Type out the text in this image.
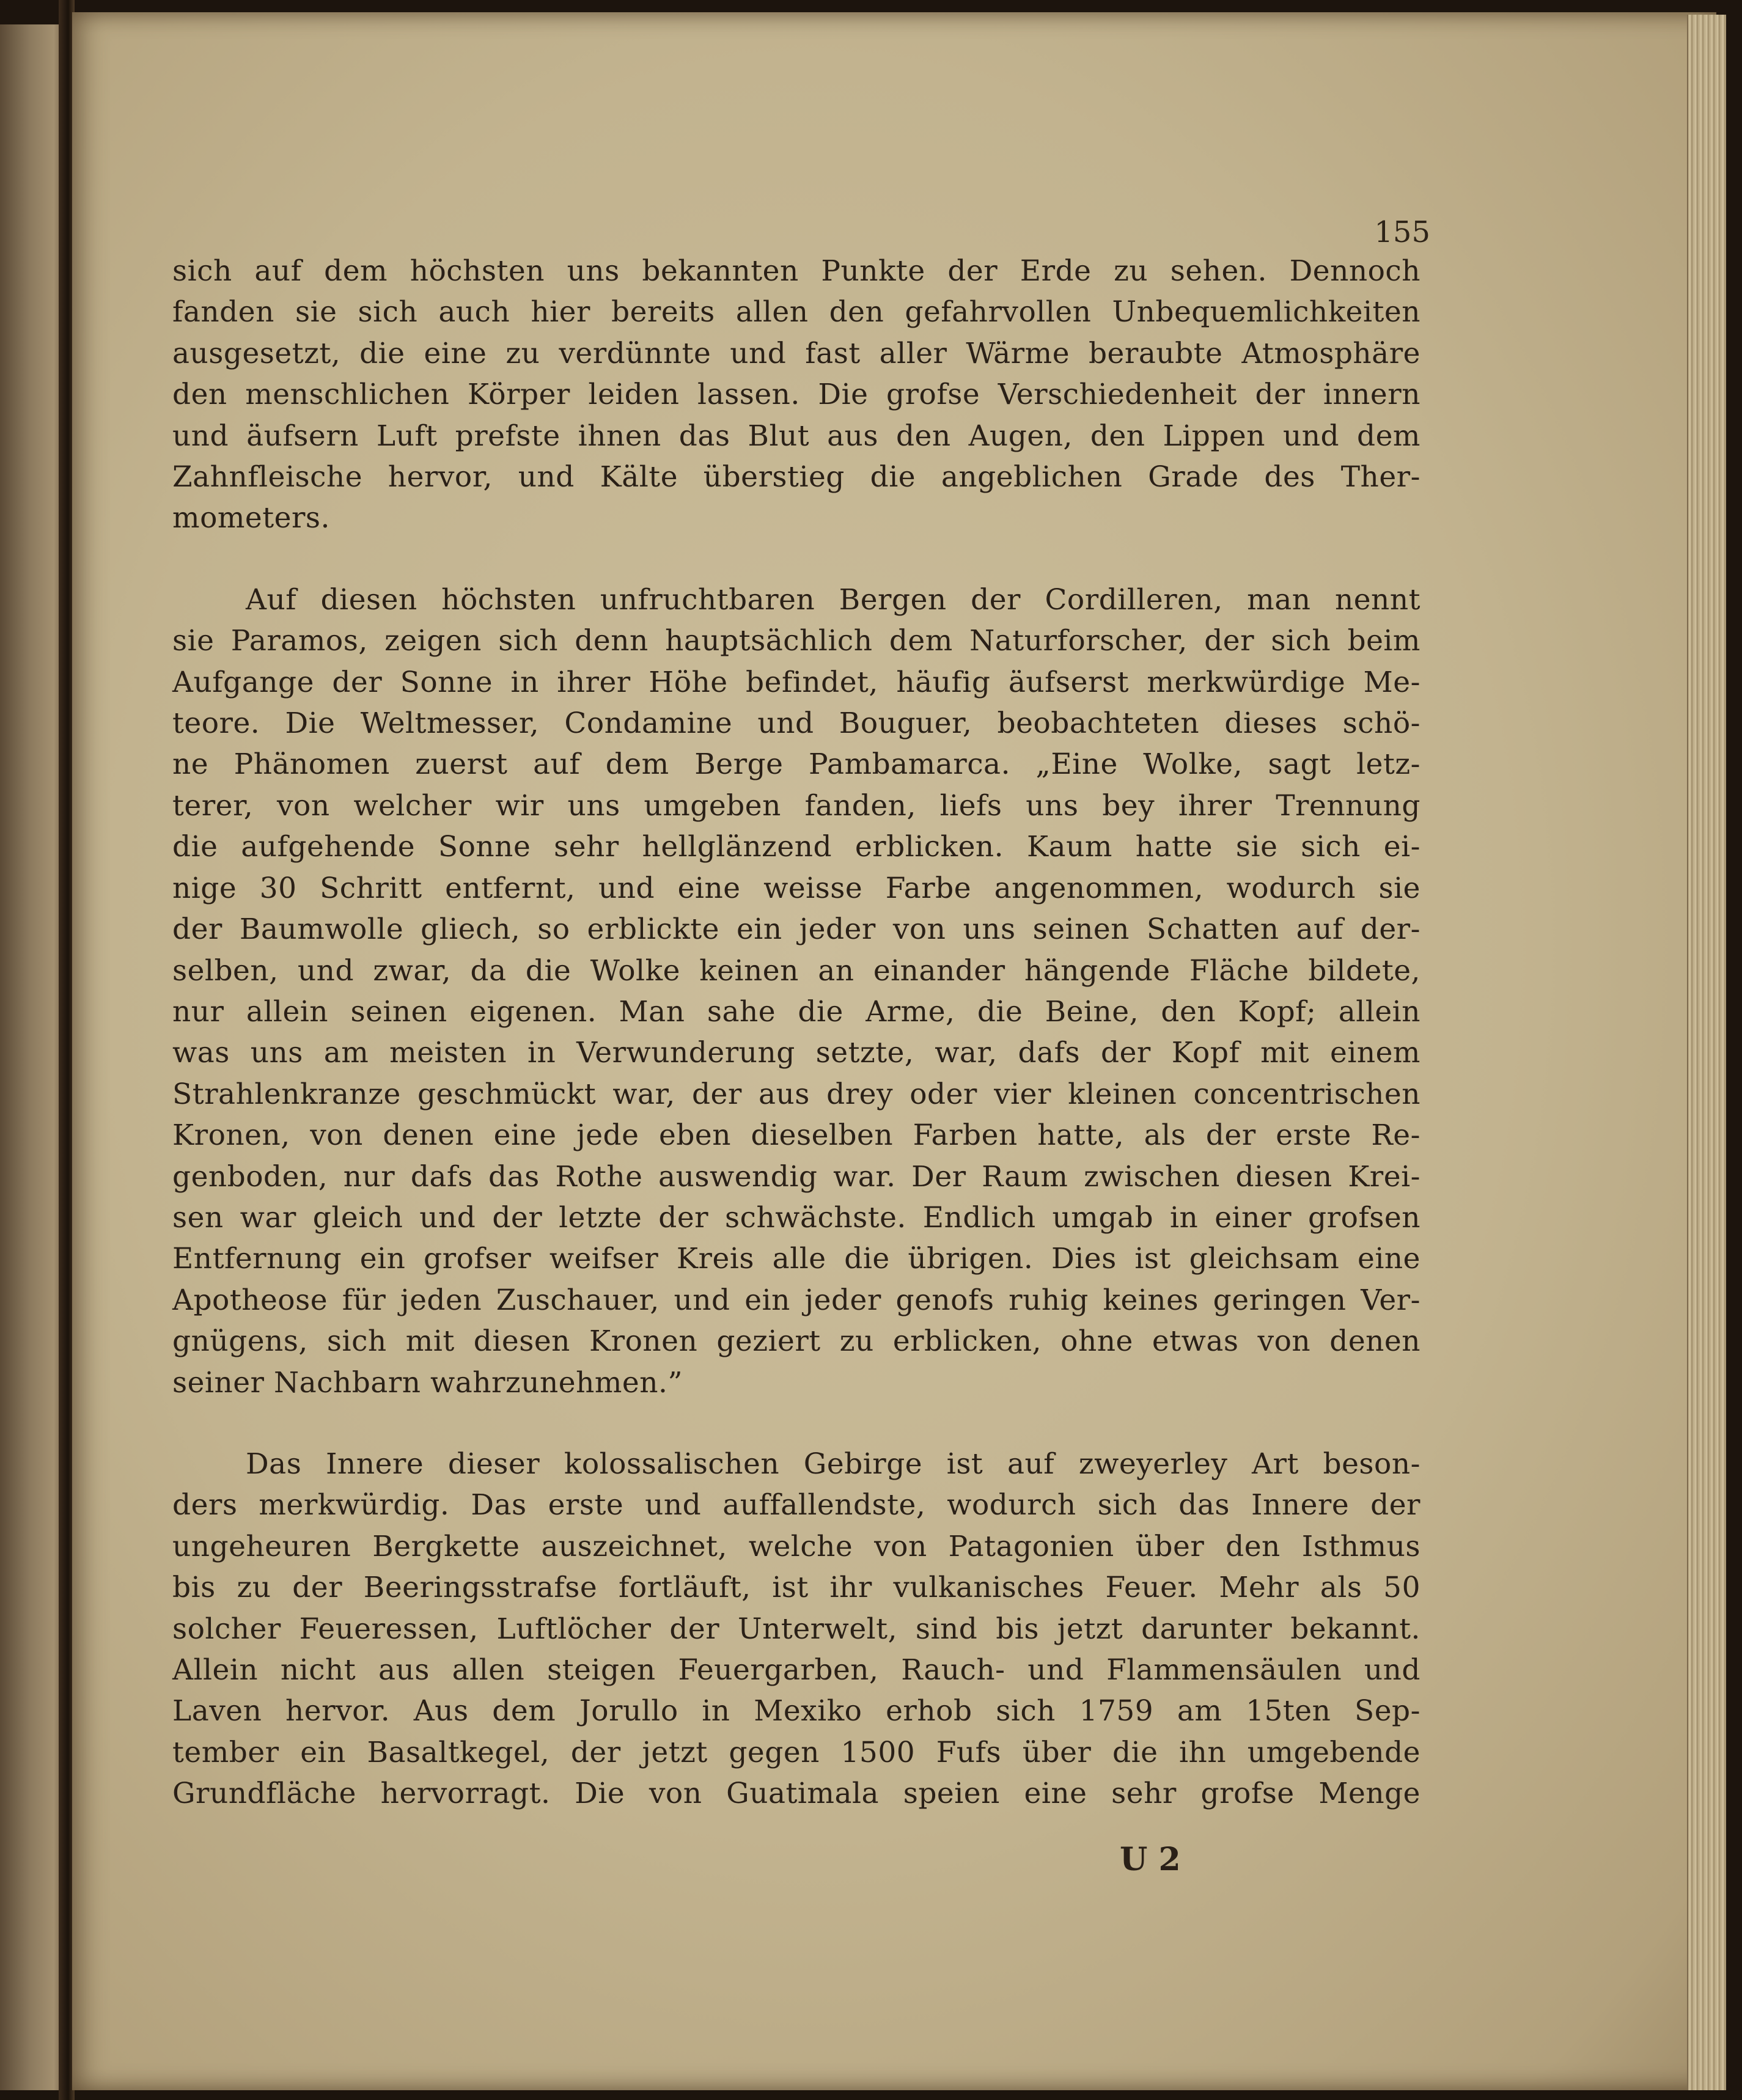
155
sich auf dem höchsten uns bekannten Punkte der Erde zu sehen. Dennoch
fanden sie sich auch hier bereits allen den gefahrvollen Unbequemlichkeiten
ausgesetzt, die eine zu verdünnte und fast aller Wärme beraubte Atmosphäre
den menschlichen Körper leiden lassen. Die grofse Verschiedenheit der innern
und äufsern Luft prefste ihnen das Blut aus den Augen, den Lippen und dem
Zahnfleische hervor, und Kälte überstieg die angeblichen Grade des Ther-
mometers.
Auf diesen höchsten unfruchtbaren Bergen der Cordilleren, man nennt
sie Paramos, zeigen sich denn hauptsächlich dem Naturforscher, der sich beim
Aufgange der Sonne in ihrer Höhe befindet, häufig äufserst merkwürdige Me-
teore. Die Weltmesser, Condamine und Bouguer, beobachteten dieses schö-
ne Phänomen zuerst auf dem Berge Pambamarca. „Eine Wolke, sagt letz-
terer, von welcher wir uns umgeben fanden, liefs uns bey ihrer Trennung
die aufgehende Sonne sehr hellglänzend erblicken. Kaum hatte sie sich ei-
nige 30 Schritt entfernt, und eine weisse Farbe angenommen, wodurch sie
der Baumwolle gliech, so erblickte ein jeder von uns seinen Schatten auf der-
selben, und zwar, da die Wolke keinen an einander hängende Fläche bildete,
nur allein seinen eigenen. Man sahe die Arme, die Beine, den Kopf; allein
was uns am meisten in Verwunderung setzte, war, dafs der Kopf mit einem
Strahlenkranze geschmückt war, der aus drey oder vier kleinen concentrischen
Kronen, von denen eine jede eben dieselben Farben hatte, als der erste Re-
genboden, nur dafs das Rothe auswendig war. Der Raum zwischen diesen Krei-
sen war gleich und der letzte der schwächste. Endlich umgab in einer grofsen
Entfernung ein grofser weifser Kreis alle die übrigen. Dies ist gleichsam eine
Apotheose für jeden Zuschauer, und ein jeder genofs ruhig keines geringen Ver-
gnügens, sich mit diesen Kronen geziert zu erblicken, ohne etwas von denen
seiner Nachbarn wahrzunehmen.”
Das Innere dieser kolossalischen Gebirge ist auf zweyerley Art beson-
ders merkwürdig. Das erste und auffallendste, wodurch sich das Innere der
ungeheuren Bergkette auszeichnet, welche von Patagonien über den Isthmus
bis zu der Beeringsstrafse fortläuft, ist ihr vulkanisches Feuer. Mehr als 50
solcher Feueressen, Luftlöcher der Unterwelt, sind bis jetzt darunter bekannt.
Allein nicht aus allen steigen Feuergarben, Rauch- und Flammensäulen und
Laven hervor. Aus dem Jorullo in Mexiko erhob sich 1759 am 15ten Sep-
tember ein Basaltkegel, der jetzt gegen 1500 Fufs über die ihn umgebende
Grundfläche hervorragt. Die von Guatimala speien eine sehr grofse Menge
U 2
